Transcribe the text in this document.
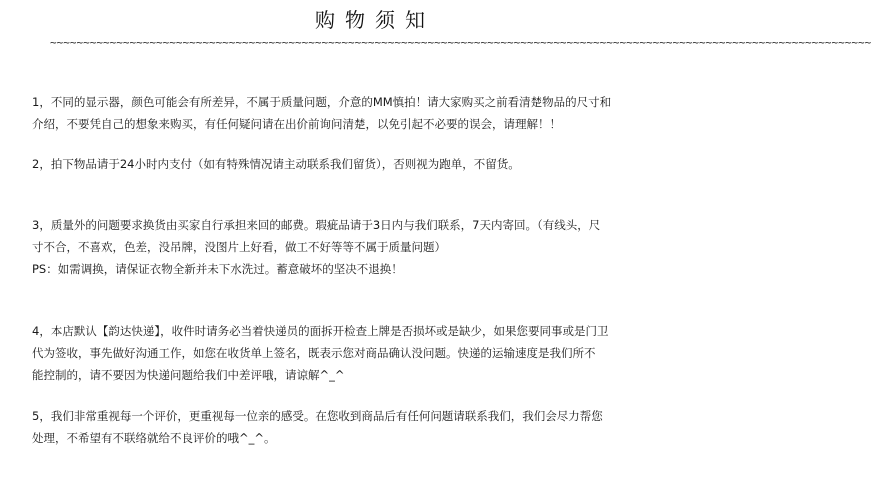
购物须知
~~~~~~~~~~~~~~~~~~~~~~~~~~~~~~~~~~~~~~~~~~~~~~~~~~~~~~~~~~~~~~~~~~~~~~~~~~~~~~~~~~~~~~~~~~~~~~~~~~~~~~~~~~~~~~~~~~~~~~~~~~~~
1，不同的显示器，颜色可能会有所差异，不属于质量问题，介意的MM慎拍！请大家购买之前看清楚物品的尺寸和
介绍，不要凭自己的想象来购买，有任何疑问请在出价前询问清楚，以免引起不必要的误会，请理解！！
2，拍下物品请于24小时内支付（如有特殊情况请主动联系我们留货），否则视为跑单，不留货。
3，质量外的问题要求换货由买家自行承担来回的邮费。瑕疵品请于3日内与我们联系，7天内寄回。（有线头，尺
寸不合，不喜欢，色差，没吊牌，没图片上好看，做工不好等等不属于质量问题）
PS：如需调换，请保证衣物全新并未下水洗过。蓄意破坏的坚决不退换！
4，本店默认【韵达快递】，收件时请务必当着快递员的面拆开检查上牌是否损坏或是缺少，如果您要同事或是门卫
代为签收，事先做好沟通工作，如您在收货单上签名，既表示您对商品确认没问题。快递的运输速度是我们所不
能控制的，请不要因为快递问题给我们中差评哦，请谅解^_^
5，我们非常重视每一个评价，更重视每一位亲的感受。在您收到商品后有任何问题请联系我们，我们会尽力帮您
处理，不希望有不联络就给不良评价的哦^_^。
